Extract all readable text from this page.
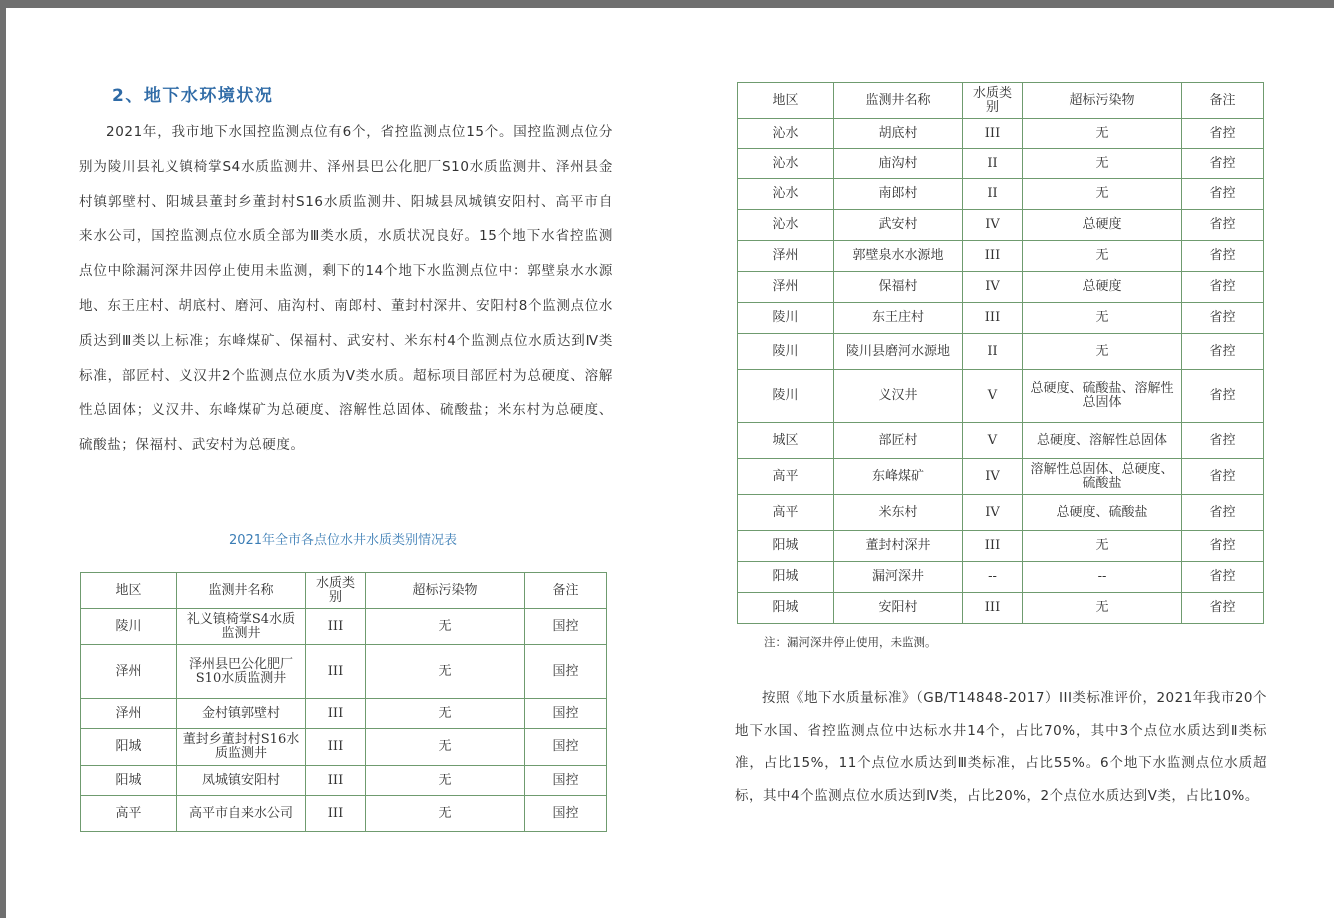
2、地下水环境状况
2021年，我市地下水国控监测点位有6个，省控监测点位15个。国控监测点位分别为陵川县礼义镇椅掌S4水质监测井、泽州县巴公化肥厂S10水质监测井、泽州县金村镇郭壁村、阳城县董封乡董封村S16水质监测井、阳城县凤城镇安阳村、高平市自来水公司，国控监测点位水质全部为Ⅲ类水质，水质状况良好。15个地下水省控监测点位中除漏河深井因停止使用未监测，剩下的14个地下水监测点位中：郭壁泉水水源地、东王庄村、胡底村、磨河、庙沟村、南郎村、董封村深井、安阳村8个监测点位水质达到Ⅲ类以上标准；东峰煤矿、保福村、武安村、米东村4个监测点位水质达到Ⅳ类标准，部匠村、义汉井2个监测点位水质为Ⅴ类水质。超标项目部匠村为总硬度、溶解性总固体；义汉井、东峰煤矿为总硬度、溶解性总固体、硫酸盐；米东村为总硬度、硫酸盐；保福村、武安村为总硬度。
2021年全市各点位水井水质类别情况表
地区	监测井名称	水质类别	超标污染物	备注
陵川	礼义镇椅掌S4水质监测井	III	无	国控
泽州	泽州县巴公化肥厂S10水质监测井	III	无	国控
泽州	金村镇郭壁村	III	无	国控
阳城	董封乡董封村S16水质监测井	III	无	国控
阳城	凤城镇安阳村	III	无	国控
高平	高平市自来水公司	III	无	国控
地区	监测井名称	水质类别	超标污染物	备注
沁水	胡底村	III	无	省控
沁水	庙沟村	II	无	省控
沁水	南郎村	II	无	省控
沁水	武安村	IV	总硬度	省控
泽州	郭壁泉水水源地	III	无	省控
泽州	保福村	IV	总硬度	省控
陵川	东王庄村	III	无	省控
陵川	陵川县磨河水源地	II	无	省控
陵川	义汉井	V	总硬度、硫酸盐、溶解性总固体	省控
城区	部匠村	V	总硬度、溶解性总固体	省控
高平	东峰煤矿	IV	溶解性总固体、总硬度、硫酸盐	省控
高平	米东村	IV	总硬度、硫酸盐	省控
阳城	董封村深井	III	无	省控
阳城	漏河深井	--	--	省控
阳城	安阳村	III	无	省控
注：漏河深井停止使用，未监测。
按照《地下水质量标准》（GB/T14848-2017）III类标准评价，2021年我市20个地下水国、省控监测点位中达标水井14个，占比70%，其中3个点位水质达到Ⅱ类标准，占比15%，11个点位水质达到Ⅲ类标准，占比55%。6个地下水监测点位水质超标，其中4个监测点位水质达到Ⅳ类，占比20%，2个点位水质达到Ⅴ类，占比10%。
